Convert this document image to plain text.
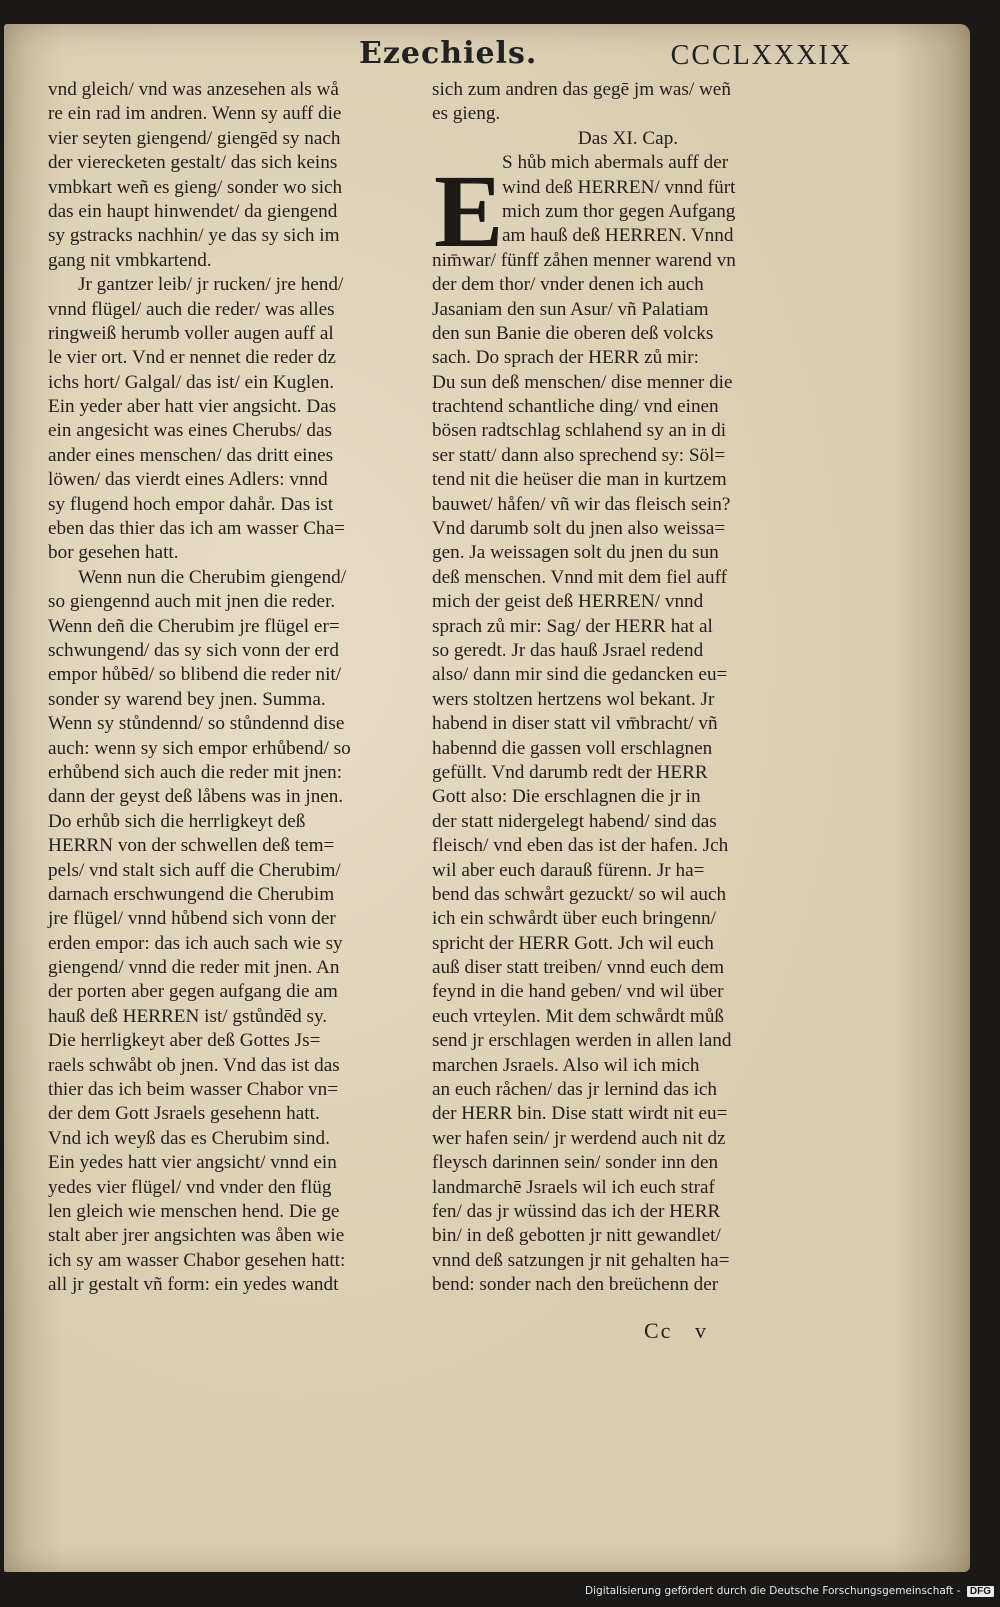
Ezechiels.	CCCLXXXIX
vnd gleich/ vnd was anzesehen als wå
re ein rad im andren. Wenn sy auff die
vier seyten giengend/ giengēd sy nach
der vierecketen gestalt/ das sich keins
vmbkart weñ es gieng/ sonder wo sich
das ein haupt hinwendet/ da giengend
sy gstracks nachhin/ ye das sy sich im
gang nit vmbkartend.
Jr gantzer leib/ jr rucken/ jre hend/
vnnd flügel/ auch die reder/ was alles
ringweiß herumb voller augen auff al
le vier ort. Vnd er nennet die reder dz
ichs hort/ Galgal/ das ist/ ein Kuglen.
Ein yeder aber hatt vier angsicht. Das
ein angesicht was eines Cherubs/ das
ander eines menschen/ das dritt eines
löwen/ das vierdt eines Adlers: vnnd
sy flugend hoch empor dahår. Das ist
eben das thier das ich am wasser Cha=
bor gesehen hatt.
Wenn nun die Cherubim giengend/
so giengennd auch mit jnen die reder.
Wenn deñ die Cherubim jre flügel er=
schwungend/ das sy sich vonn der erd
empor hůbēd/ so blibend die reder nit/
sonder sy warend bey jnen. Summa.
Wenn sy stůndennd/ so stůndennd dise
auch: wenn sy sich empor erhůbend/ so
erhůbend sich auch die reder mit jnen:
dann der geyst deß låbens was in jnen.
Do erhůb sich die herrligkeyt deß
HERRN von der schwellen deß tem=
pels/ vnd stalt sich auff die Cherubim/
darnach erschwungend die Cherubim
jre flügel/ vnnd hůbend sich vonn der
erden empor: das ich auch sach wie sy
giengend/ vnnd die reder mit jnen. An
der porten aber gegen aufgang die am
hauß deß HERREN ist/ gstůndēd sy.
Die herrligkeyt aber deß Gottes Js=
raels schwåbt ob jnen. Vnd das ist das
thier das ich beim wasser Chabor vn=
der dem Gott Jsraels gesehenn hatt.
Vnd ich weyß das es Cherubim sind.
Ein yedes hatt vier angsicht/ vnnd ein
yedes vier flügel/ vnd vnder den flüg
len gleich wie menschen hend. Die ge
stalt aber jrer angsichten was åben wie
ich sy am wasser Chabor gesehen hatt:
all jr gestalt vñ form: ein yedes wandt
E
sich zum andren das gegē jm was/ weñ
es gieng.
Das XI. Cap.
S hůb mich abermals auff der
wind deß HERREN/ vnnd fürt
mich zum thor gegen Aufgang
am hauß deß HERREN. Vnnd
nim̄war/ fünff zåhen menner warend vn
der dem thor/ vnder denen ich auch
Jasaniam den sun Asur/ vñ Palatiam
den sun Banie die oberen deß volcks
sach. Do sprach der HERR zů mir:
Du sun deß menschen/ dise menner die
trachtend schantliche ding/ vnd einen
bösen radtschlag schlahend sy an in di
ser statt/ dann also sprechend sy: Söl=
tend nit die heüser die man in kurtzem
bauwet/ håfen/ vñ wir das fleisch sein?
Vnd darumb solt du jnen also weissa=
gen. Ja weissagen solt du jnen du sun
deß menschen. Vnnd mit dem fiel auff
mich der geist deß HERREN/ vnnd
sprach zů mir: Sag/ der HERR hat al
so geredt. Jr das hauß Jsrael redend
also/ dann mir sind die gedancken eu=
wers stoltzen hertzens wol bekant. Jr
habend in diser statt vil vm̄bracht/ vñ
habennd die gassen voll erschlagnen
gefüllt. Vnd darumb redt der HERR
Gott also: Die erschlagnen die jr in
der statt nidergelegt habend/ sind das
fleisch/ vnd eben das ist der hafen. Jch
wil aber euch darauß fürenn. Jr ha=
bend das schwårt gezuckt/ so wil auch
ich ein schwårdt über euch bringenn/
spricht der HERR Gott. Jch wil euch
auß diser statt treiben/ vnnd euch dem
feynd in die hand geben/ vnd wil über
euch vrteylen. Mit dem schwårdt můß
send jr erschlagen werden in allen land
marchen Jsraels. Also wil ich mich
an euch råchen/ das jr lernind das ich
der HERR bin. Dise statt wirdt nit eu=
wer hafen sein/ jr werdend auch nit dz
fleysch darinnen sein/ sonder inn den
landmarchē Jsraels wil ich euch straf
fen/ das jr wüssind das ich der HERR
bin/ in deß gebotten jr nitt gewandlet/
vnnd deß satzungen jr nit gehalten ha=
bend: sonder nach den breüchenn der
Cc   v
Digitalisierung gefördert durch die Deutsche Forschungsgemeinschaft - DFG
